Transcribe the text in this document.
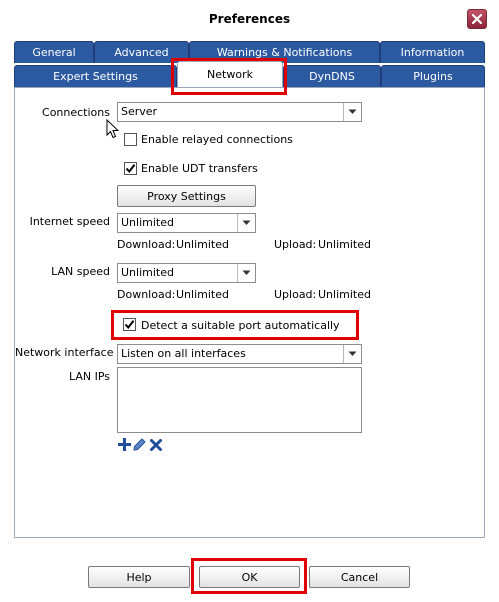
Preferences
General	Advanced	Warnings & Notifications	Information
Expert Settings	Network	DynDNS	Plugins
Connections	Server
Enable relayed connections
Enable UDT transfers
Proxy Settings
Internet speed	Unlimited
Download: Unlimited	Upload: Unlimited
LAN speed	Unlimited
Download: Unlimited	Upload: Unlimited
Detect a suitable port automatically
Network interface Listen on all interfaces
LAN IPs
Help	OK	Cancel
